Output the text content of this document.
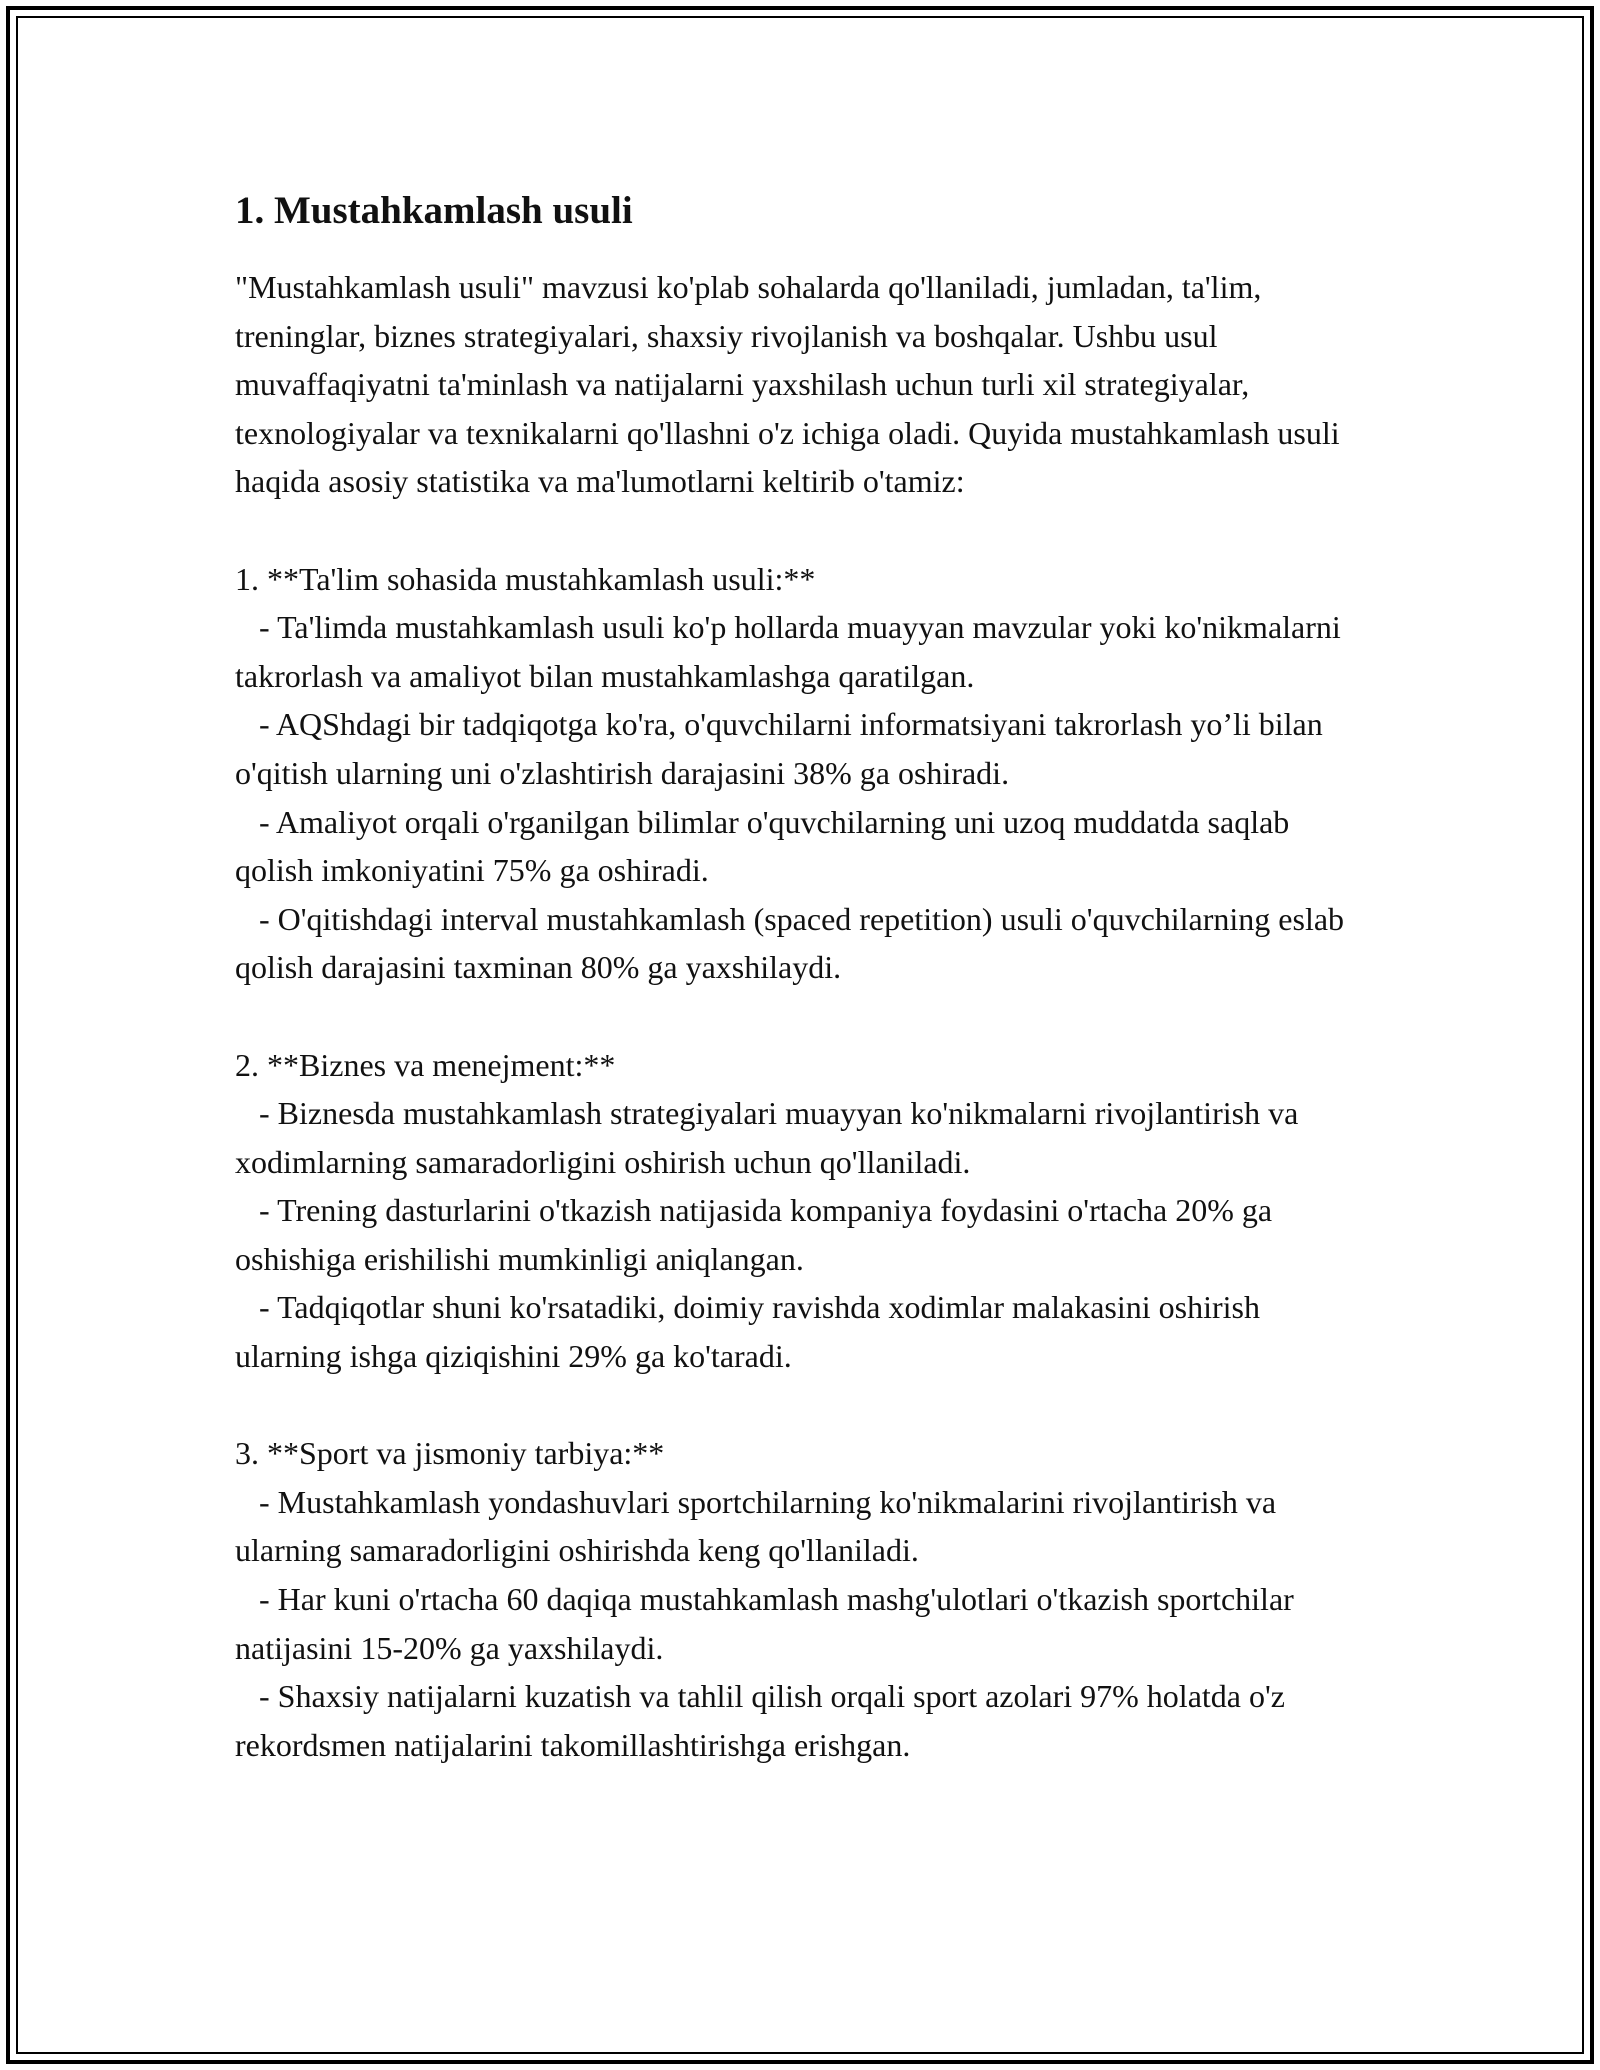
1. Mustahkamlash usuli

"Mustahkamlash usuli" mavzusi ko'plab sohalarda qo'llaniladi, jumladan, ta'lim, treninglar, biznes strategiyalari, shaxsiy rivojlanish va boshqalar. Ushbu usul muvaffaqiyatni ta'minlash va natijalarni yaxshilash uchun turli xil strategiyalar, texnologiyalar va texnikalarni qo'llashni o'z ichiga oladi. Quyida mustahkamlash usuli haqida asosiy statistika va ma'lumotlarni keltirib o'tamiz:

1. **Ta'lim sohasida mustahkamlash usuli:**

- Ta'limda mustahkamlash usuli ko'p hollarda muayyan mavzular yoki ko'nikmalarni takrorlash va amaliyot bilan mustahkamlashga qaratilgan.

- AQShdagi bir tadqiqotga ko'ra, o'quvchilarni informatsiyani takrorlash yo’li bilan o'qitish ularning uni o'zlashtirish darajasini 38% ga oshiradi.

- Amaliyot orqali o'rganilgan bilimlar o'quvchilarning uni uzoq muddatda saqlab qolish imkoniyatini 75% ga oshiradi.

- O'qitishdagi interval mustahkamlash (spaced repetition) usuli o'quvchilarning eslab qolish darajasini taxminan 80% ga yaxshilaydi.

2. **Biznes va menejment:**

- Biznesda mustahkamlash strategiyalari muayyan ko'nikmalarni rivojlantirish va xodimlarning samaradorligini oshirish uchun qo'llaniladi.

- Trening dasturlarini o'tkazish natijasida kompaniya foydasini o'rtacha 20% ga oshishiga erishilishi mumkinligi aniqlangan.

- Tadqiqotlar shuni ko'rsatadiki, doimiy ravishda xodimlar malakasini oshirish ularning ishga qiziqishini 29% ga ko'taradi.

3. **Sport va jismoniy tarbiya:**

- Mustahkamlash yondashuvlari sportchilarning ko'nikmalarini rivojlantirish va ularning samaradorligini oshirishda keng qo'llaniladi.

- Har kuni o'rtacha 60 daqiqa mustahkamlash mashg'ulotlari o'tkazish sportchilar natijasini 15-20% ga yaxshilaydi.

- Shaxsiy natijalarni kuzatish va tahlil qilish orqali sport azolari 97% holatda o'z rekordsmen natijalarini takomillashtirishga erishgan.
